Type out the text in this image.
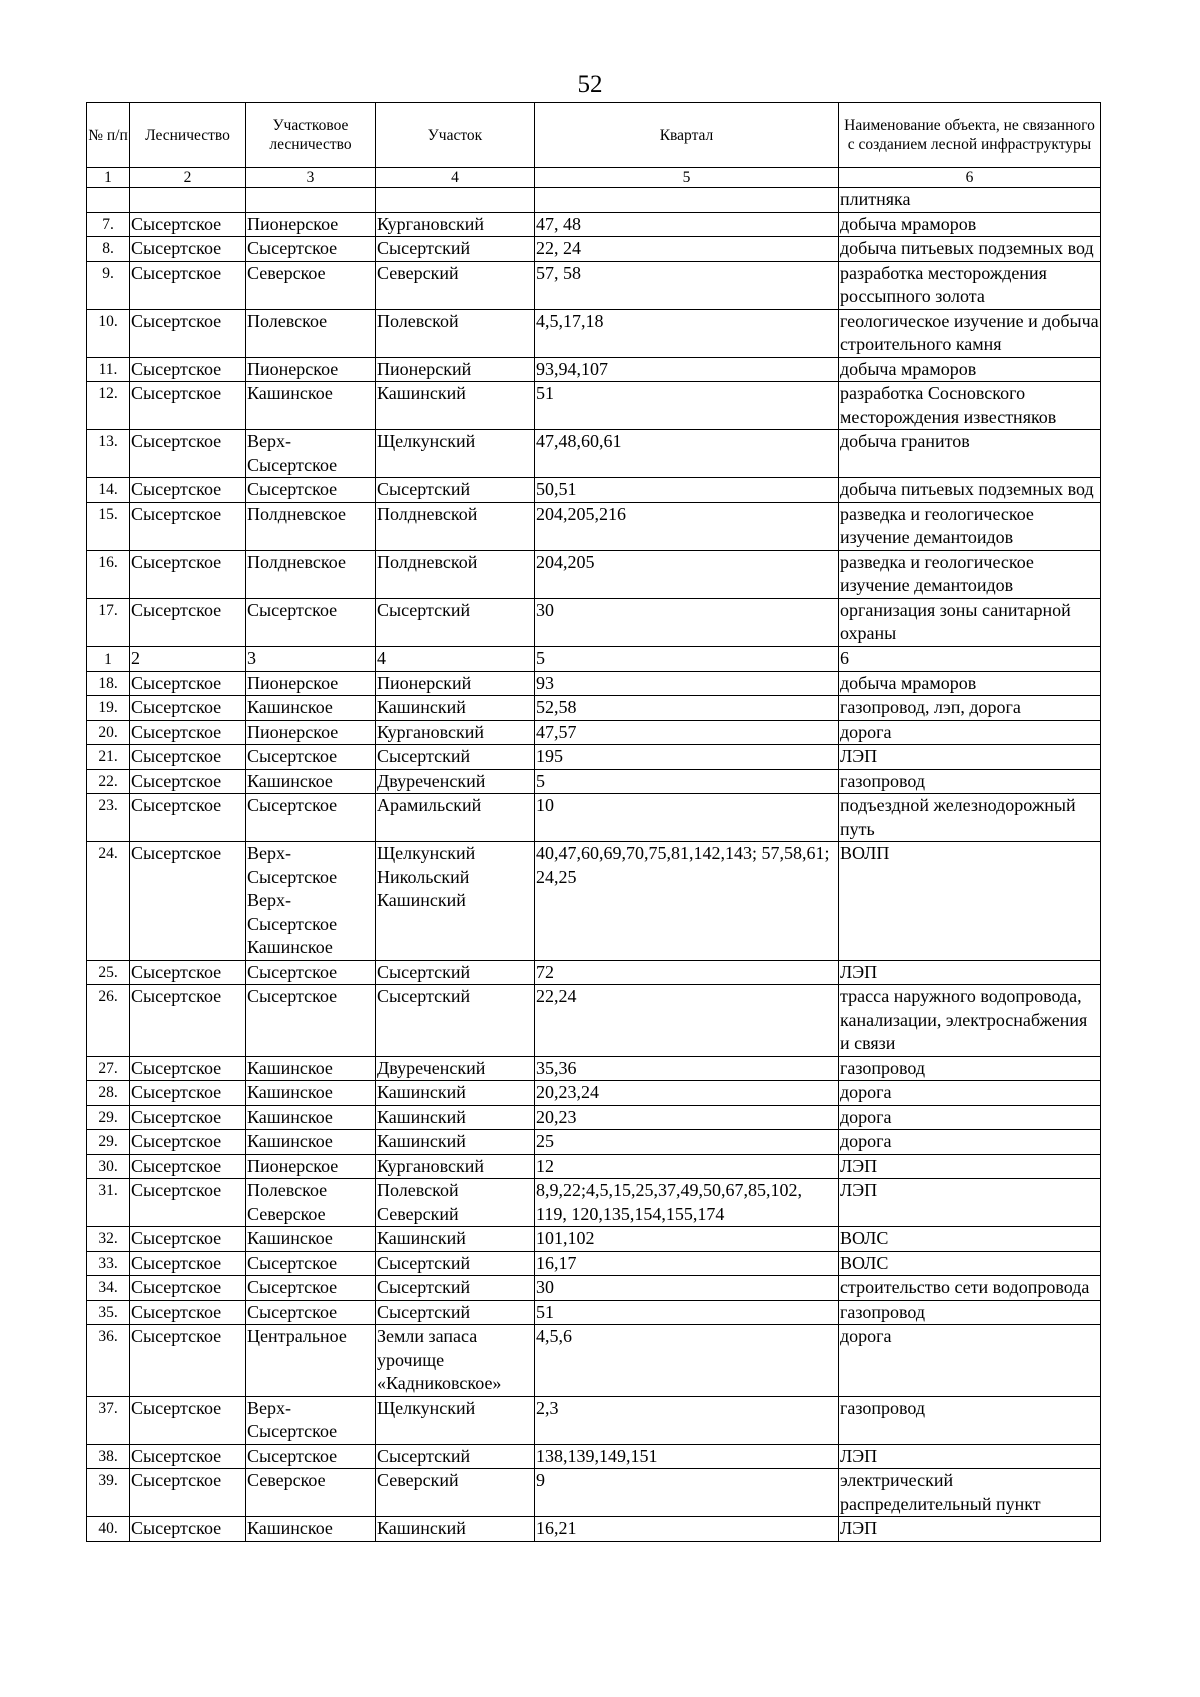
52
№ п/п	Лесничество	Участковое лесничество	Участок	Квартал	Наименование объекта, не связанного с созданием лесной инфраструктуры
1	2	3	4	5	6
					плитняка
7.	Сысертское	Пионерское	Кургановский	47, 48	добыча мраморов
8.	Сысертское	Сысертское	Сысертский	22, 24	добыча питьевых подземных вод
9.	Сысертское	Северское	Северский	57, 58	разработка месторождения россыпного золота
10.	Сысертское	Полевское	Полевской	4,5,17,18	геологическое изучение и добыча строительного камня
11.	Сысертское	Пионерское	Пионерский	93,94,107	добыча мраморов
12.	Сысертское	Кашинское	Кашинский	51	разработка Сосновского месторождения известняков
13.	Сысертское	Верх-Сысертское	Щелкунский	47,48,60,61	добыча гранитов
14.	Сысертское	Сысертское	Сысертский	50,51	добыча питьевых подземных вод
15.	Сысертское	Полдневское	Полдневской	204,205,216	разведка и геологическое изучение демантоидов
16.	Сысертское	Полдневское	Полдневской	204,205	разведка и геологическое изучение демантоидов
17.	Сысертское	Сысертское	Сысертский	30	организация зоны санитарной охраны
1	2	3	4	5	6
18.	Сысертское	Пионерское	Пионерский	93	добыча мраморов
19.	Сысертское	Кашинское	Кашинский	52,58	газопровод, лэп, дорога
20.	Сысертское	Пионерское	Кургановский	47,57	дорога
21.	Сысертское	Сысертское	Сысертский	195	ЛЭП
22.	Сысертское	Кашинское	Двуреченский	5	газопровод
23.	Сысертское	Сысертское	Арамильский	10	подъездной железнодорожный путь
24.	Сысертское	Верх-Сысертское Верх-Сысертское Кашинское	Щелкунский Никольский Кашинский	40,47,60,69,70,75,81,142,143; 57,58,61; 24,25	ВОЛП
25.	Сысертское	Сысертское	Сысертский	72	ЛЭП
26.	Сысертское	Сысертское	Сысертский	22,24	трасса наружного водопровода, канализации, электроснабжения и связи
27.	Сысертское	Кашинское	Двуреченский	35,36	газопровод
28.	Сысертское	Кашинское	Кашинский	20,23,24	дорога
29.	Сысертское	Кашинское	Кашинский	20,23	дорога
29.	Сысертское	Кашинское	Кашинский	25	дорога
30.	Сысертское	Пионерское	Кургановский	12	ЛЭП
31.	Сысертское	Полевское Северское	Полевской Северский	8,9,22;4,5,15,25,37,49,50,67,85,102, 119, 120,135,154,155,174	ЛЭП
32.	Сысертское	Кашинское	Кашинский	101,102	ВОЛС
33.	Сысертское	Сысертское	Сысертский	16,17	ВОЛС
34.	Сысертское	Сысертское	Сысертский	30	строительство сети водопровода
35.	Сысертское	Сысертское	Сысертский	51	газопровод
36.	Сысертское	Центральное	Земли запаса урочище «Кадниковское»	4,5,6	дорога
37.	Сысертское	Верх-Сысертское	Щелкунский	2,3	газопровод
38.	Сысертское	Сысертское	Сысертский	138,139,149,151	ЛЭП
39.	Сысертское	Северское	Северский	9	электрический распределительный пункт
40.	Сысертское	Кашинское	Кашинский	16,21	ЛЭП
